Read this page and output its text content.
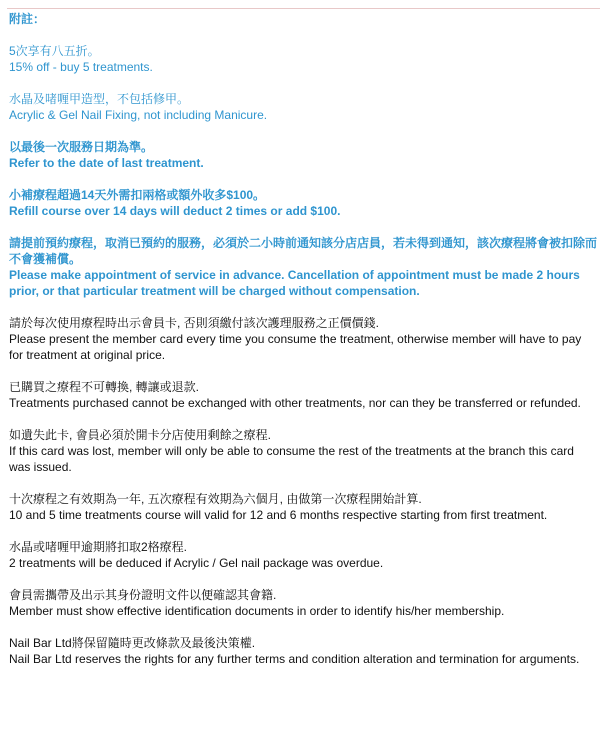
附註：
5次享有八五折。
15% off - buy 5 treatments.
水晶及啫喱甲造型，不包括修甲。
Acrylic & Gel Nail Fixing, not including Manicure.
以最後一次服務日期為準。
Refer to the date of last treatment.
小補療程超過14天外需扣兩格或額外收多$100。
Refill course over 14 days will deduct 2 times or add $100.
請提前預約療程，取消已預約的服務，必須於二小時前通知該分店店員，若未得到通知，該次療程將會被扣除而不會獲補償。
Please make appointment of service in advance. Cancellation of appointment must be made 2 hours prior, or that particular treatment will be charged without compensation.
請於每次使用療程時出示會員卡, 否則須繳付該次護理服務之正價價錢.
Please present the member card every time you consume the treatment, otherwise member will have to pay for treatment at original price.
已購買之療程不可轉換, 轉讓或退款.
Treatments purchased cannot be exchanged with other treatments, nor can they be transferred or refunded.
如遺失此卡, 會員必須於開卡分店使用剩餘之療程.
If this card was lost, member will only be able to consume the rest of the treatments at the branch this card was issued.
十次療程之有效期為一年, 五次療程有效期為六個月, 由做第一次療程開始計算.
10 and 5 time treatments course will valid for 12 and 6 months respective starting from first treatment.
水晶或啫喱甲逾期將扣取2格療程.
2 treatments will be deduced if Acrylic / Gel nail package was overdue.
會員需攜帶及出示其身份證明文件以便確認其會籍.
Member must show effective identification documents in order to identify his/her membership.
Nail Bar Ltd將保留隨時更改條款及最後決策權.
Nail Bar Ltd reserves the rights for any further terms and condition alteration and termination for arguments.
